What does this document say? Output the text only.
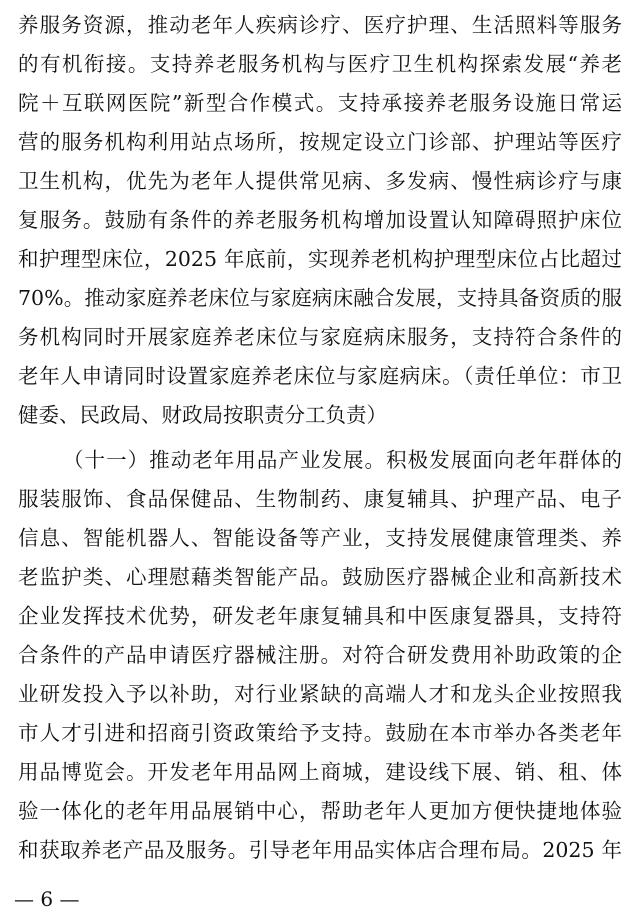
养服务资源，推动老年人疾病诊疗、医疗护理、生活照料等服务
的有机衔接。支持养老服务机构与医疗卫生机构探索发展“养老
院＋互联网医院”新型合作模式。支持承接养老服务设施日常运
营的服务机构利用站点场所，按规定设立门诊部、护理站等医疗
卫生机构，优先为老年人提供常见病、多发病、慢性病诊疗与康
复服务。鼓励有条件的养老服务机构增加设置认知障碍照护床位
和护理型床位，2025 年底前，实现养老机构护理型床位占比超过
70%。推动家庭养老床位与家庭病床融合发展，支持具备资质的服
务机构同时开展家庭养老床位与家庭病床服务，支持符合条件的
老年人申请同时设置家庭养老床位与家庭病床。（责任单位：市卫
健委、民政局、财政局按职责分工负责）
（十一）推动老年用品产业发展。积极发展面向老年群体的
服装服饰、食品保健品、生物制药、康复辅具、护理产品、电子
信息、智能机器人、智能设备等产业，支持发展健康管理类、养
老监护类、心理慰藉类智能产品。鼓励医疗器械企业和高新技术
企业发挥技术优势，研发老年康复辅具和中医康复器具，支持符
合条件的产品申请医疗器械注册。对符合研发费用补助政策的企
业研发投入予以补助，对行业紧缺的高端人才和龙头企业按照我
市人才引进和招商引资政策给予支持。鼓励在本市举办各类老年
用品博览会。开发老年用品网上商城，建设线下展、销、租、体
验一体化的老年用品展销中心，帮助老年人更加方便快捷地体验
和获取养老产品及服务。引导老年用品实体店合理布局。2025 年
— 6 —
